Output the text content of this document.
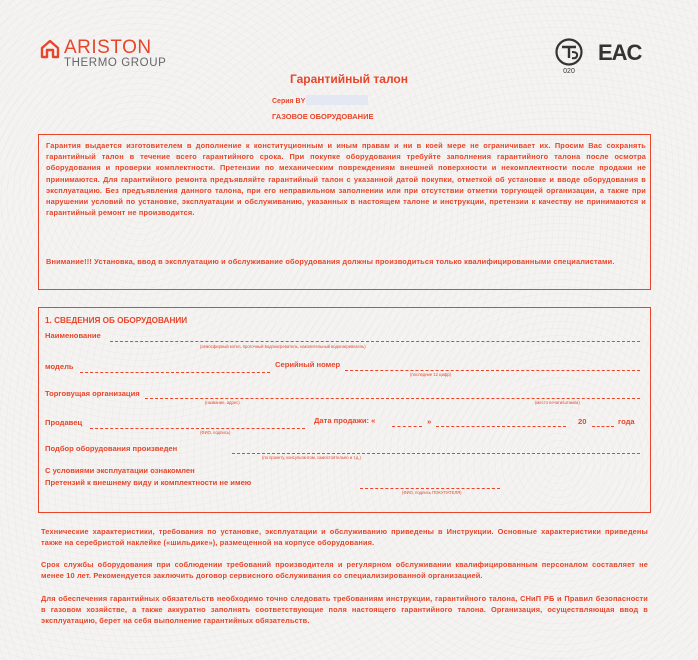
ARISTON
THERMO GROUP
020
EAC
Гарантийный талон
Серия BY
ГАЗОВОЕ ОБОРУДОВАНИЕ

Гарантия выдается изготовителем в дополнение к конституционным и иным правам и ни в коей мере не ограничивает их. Просим Вас сохранять гарантийный талон в течение всего гарантийного срока. При покупке оборудования требуйте заполнения гарантийного талона после осмотра оборудования и проверки комплектности. Претензии по механическим повреждениям внешней поверхности и некомплектности после продажи не принимаются. Для гарантийного ремонта предъявляйте гарантийный талон с указанной датой покупки, отметкой об установке и вводе оборудования в эксплуатацию. Без предъявления данного талона, при его неправильном заполнении или при отсутствии отметки торгующей организации, а также при нарушении условий по установке, эксплуатации и обслуживанию, указанных в настоящем талоне и инструкции, претензии к качеству не принимаются и гарантийный ремонт не производится.

Внимание!!! Установка, ввод в эксплуатацию и обслуживание оборудования должны производиться только квалифицированными специалистами.

1. СВЕДЕНИЯ ОБ ОБОРУДОВАНИИ
Наименование
(атмосферный котел, проточный водонагреватель, накопительный водонагреватель)
модель	Серийный номер
(последние 12 цифр)
Торговущая организация
(название, адрес)	(место печати/штампа)
Продавец
(ФИО, подпись)
Дата продажи: «	»	20	года
Подбор оборудования произведен
(по проекту, консультантом, самостоятельно и т.д.)
С условиями эксплуатации ознакомлен
Претензий к внешнему виду и комплектности не имею
(ФИО, подпись ПОКУПАТЕЛЯ)

Технические характеристики, требования по установке, эксплуатации и обслуживанию приведены в Инструкции. Основные характеристики приведены также на серебристой наклейке («шильдике»), размещенной на корпусе оборудования.

Срок службы оборудования при соблюдении требований производителя и регулярном обслуживании квалифицированным персоналом составляет не менее 10 лет. Рекомендуется заключить договор сервисного обслуживания со специализированной организацией.

Для обеспечения гарантийных обязательств необходимо точно следовать требованиям инструкции, гарантийного талона, СНиП РБ и Правил безопасности в газовом хозяйстве, а также аккуратно заполнять соответствующие поля настоящего гарантийного талона. Организация, осуществляющая ввод в эксплуатацию, берет на себя выполнение гарантийных обязательств.
